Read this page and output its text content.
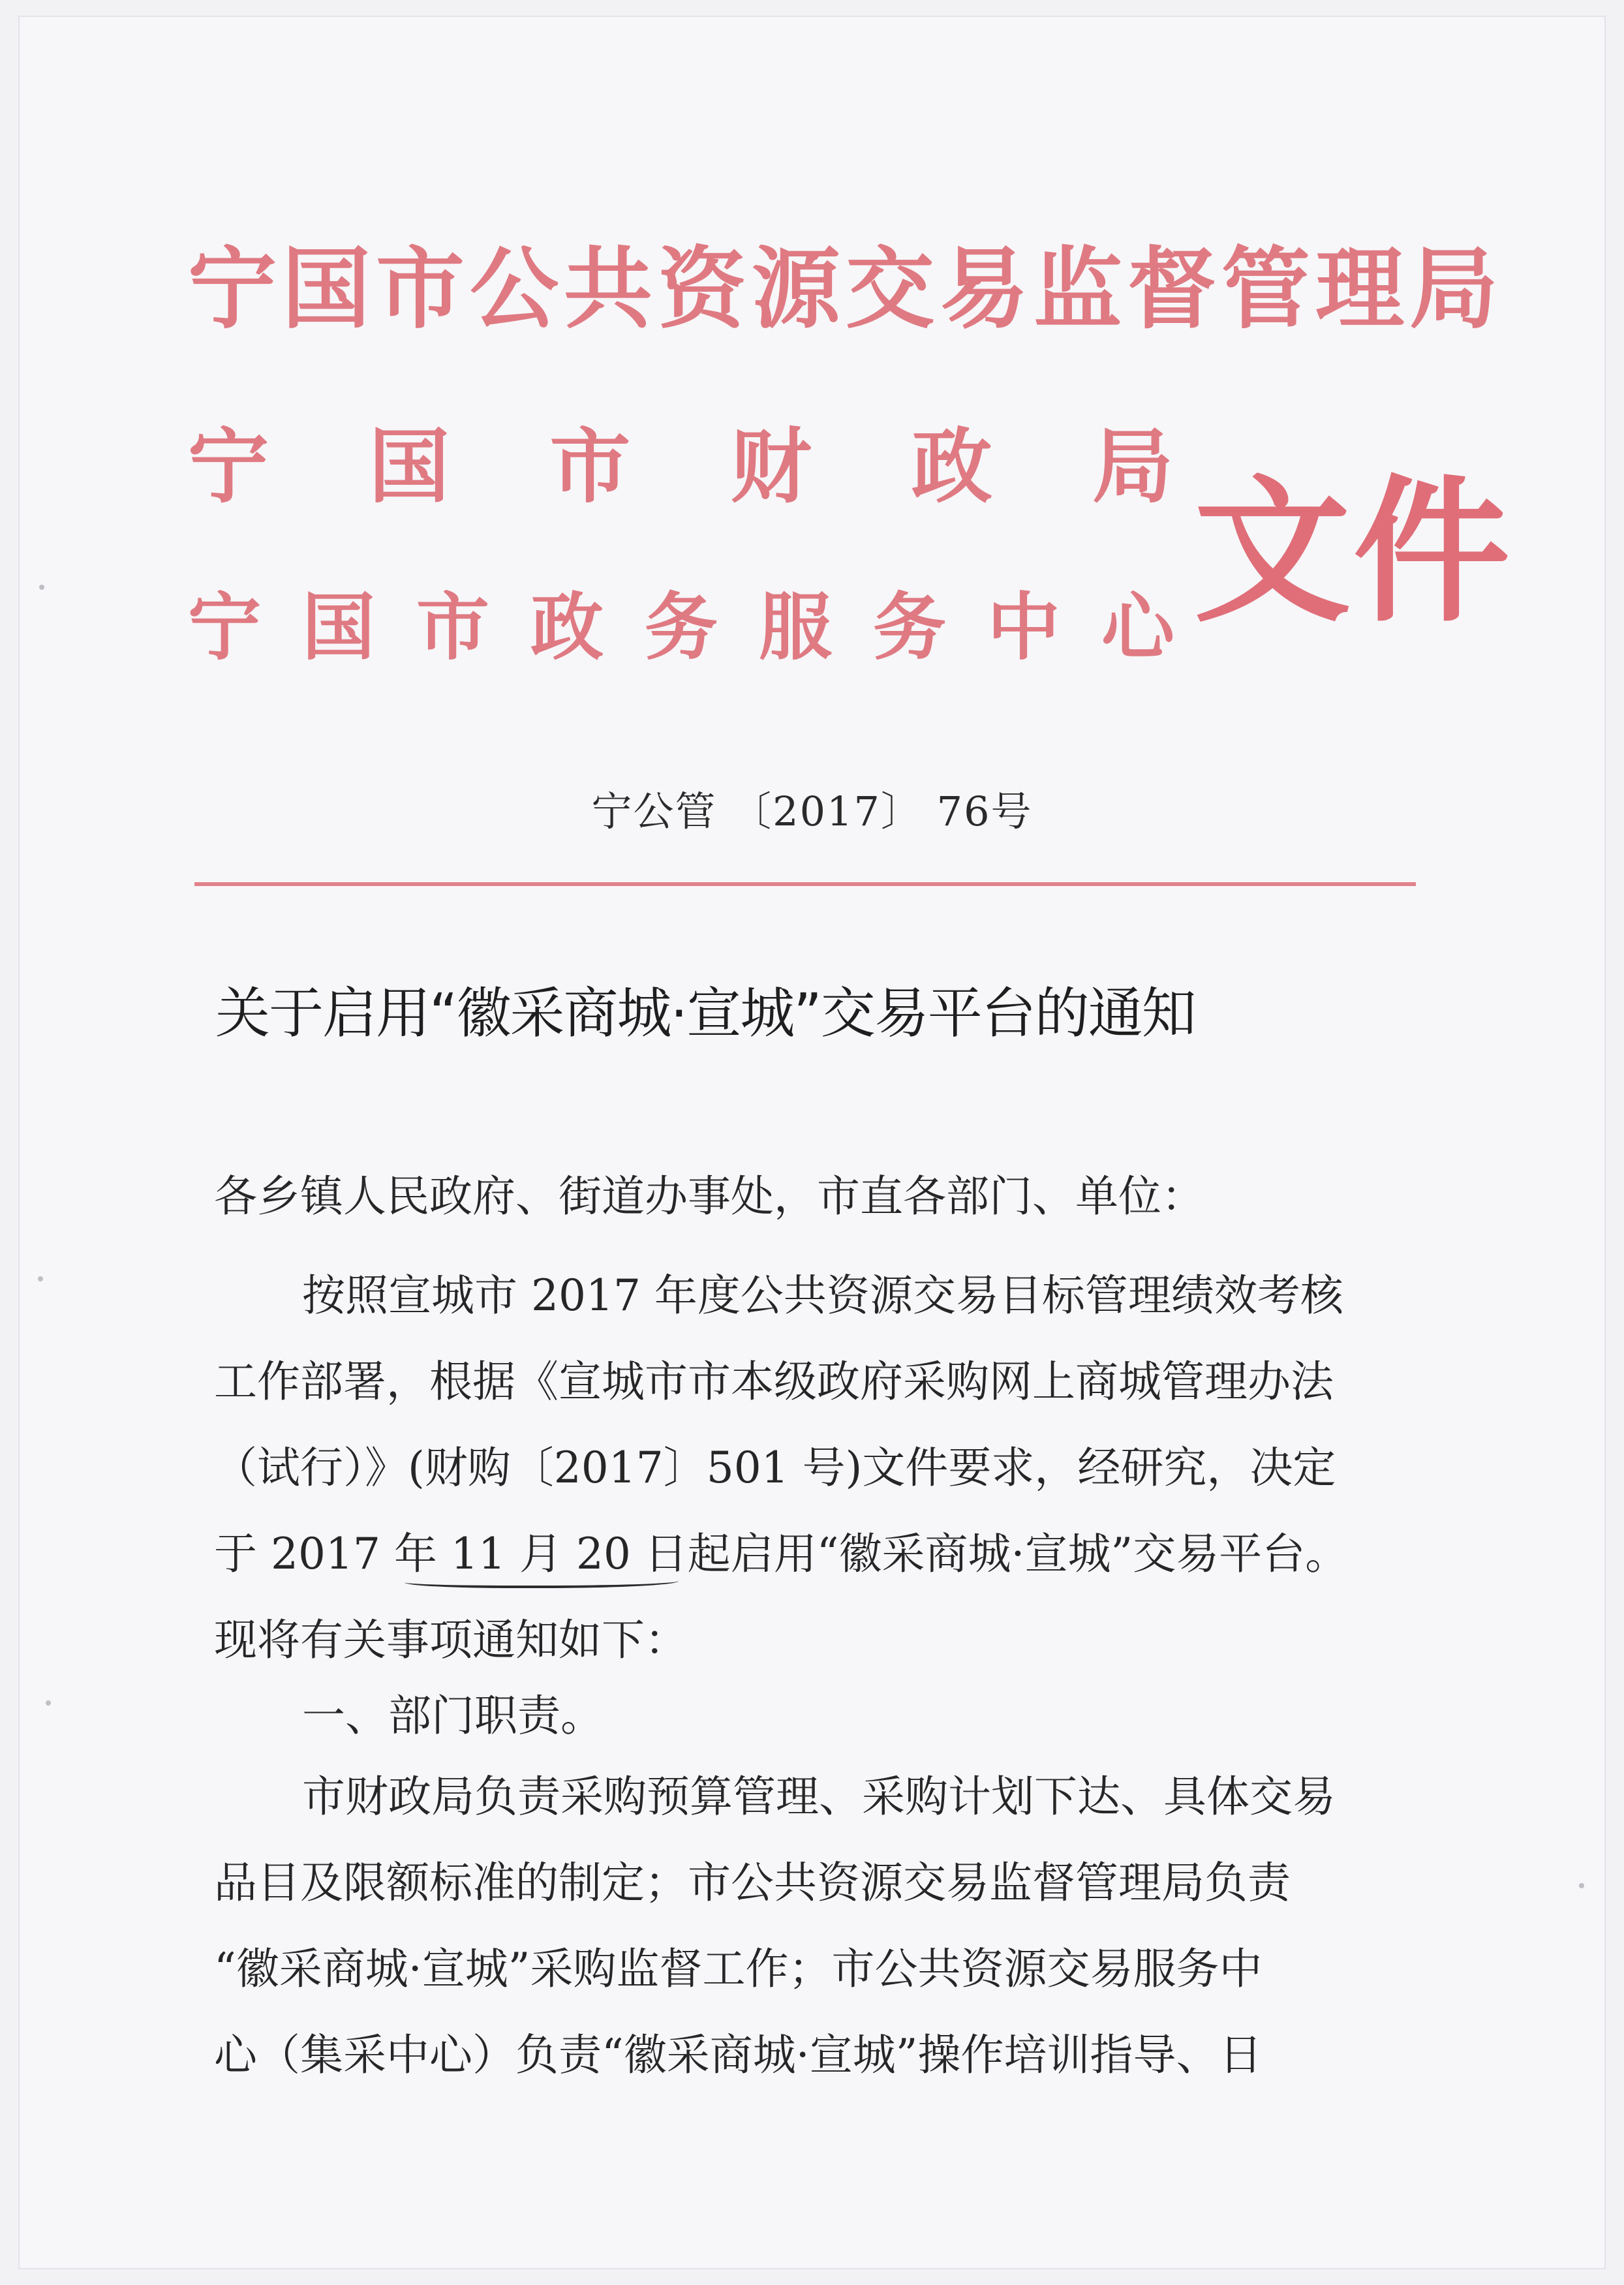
宁国市公共资源交易监督管理局
宁 国 市 财 政 局
宁 国 市 政 务 服 务 中 心 文件
宁公管 〔2017〕 76号
关于启用“徽采商城·宣城”交易平台的通知
各乡镇人民政府、街道办事处，市直各部门、单位：
按照宣城市 2017 年度公共资源交易目标管理绩效考核
工作部署，根据《宣城市市本级政府采购网上商城管理办法
（试行）》(财购〔2017〕501 号)文件要求，经研究，决定
于 2017 年 11 月 20 日起启用“徽采商城·宣城”交易平台。
现将有关事项通知如下：
一、部门职责。
市财政局负责采购预算管理、采购计划下达、具体交易
品目及限额标准的制定；市公共资源交易监督管理局负责
“徽采商城·宣城”采购监督工作；市公共资源交易服务中
心（集采中心）负责“徽采商城·宣城”操作培训指导、日
